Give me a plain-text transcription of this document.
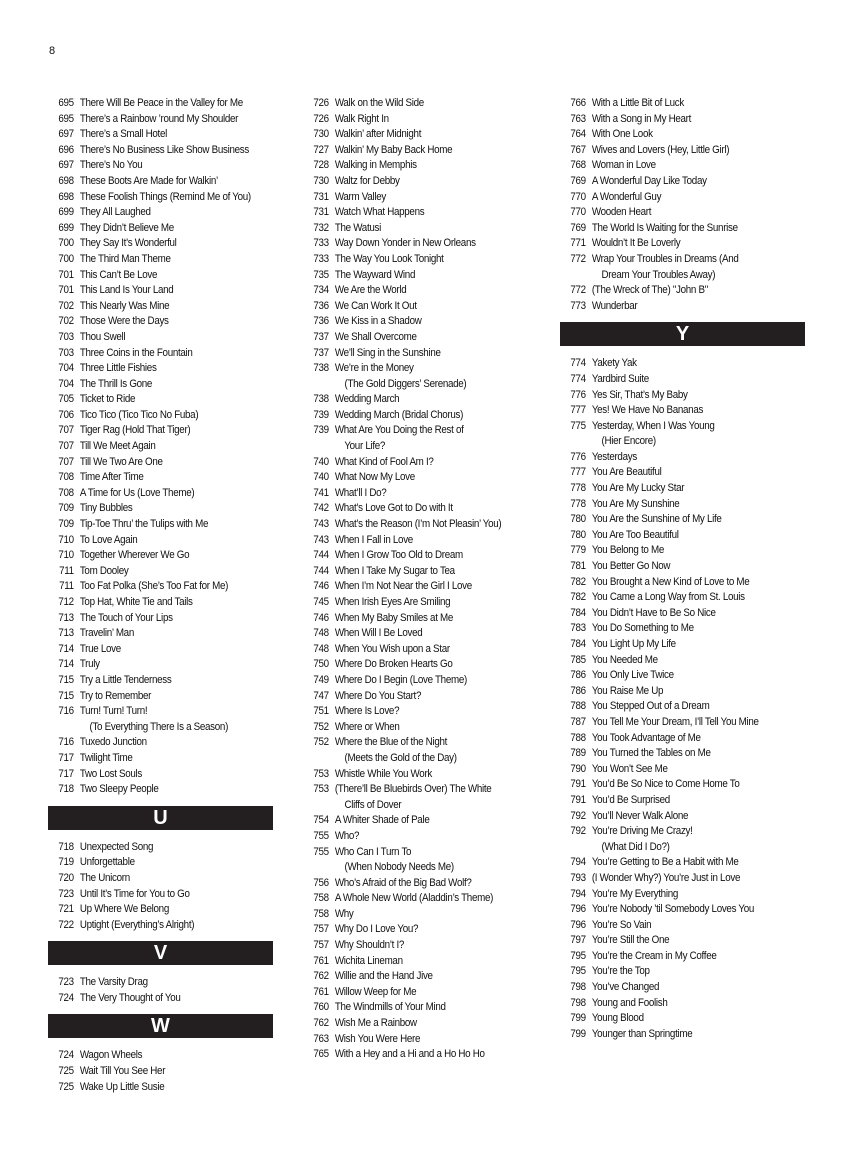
8
695 There Will Be Peace in the Valley for Me
695 There’s a Rainbow ’round My Shoulder
697 There’s a Small Hotel
696 There’s No Business Like Show Business
697 There’s No You
698 These Boots Are Made for Walkin’
698 These Foolish Things (Remind Me of You)
699 They All Laughed
699 They Didn’t Believe Me
700 They Say It’s Wonderful
700 The Third Man Theme
701 This Can’t Be Love
701 This Land Is Your Land
702 This Nearly Was Mine
702 Those Were the Days
703 Thou Swell
703 Three Coins in the Fountain
704 Three Little Fishies
704 The Thrill Is Gone
705 Ticket to Ride
706 Tico Tico (Tico Tico No Fuba)
707 Tiger Rag (Hold That Tiger)
707 Till We Meet Again
707 Till We Two Are One
708 Time After Time
708 A Time for Us (Love Theme)
709 Tiny Bubbles
709 Tip-Toe Thru’ the Tulips with Me
710 To Love Again
710 Together Wherever We Go
711 Tom Dooley
711 Too Fat Polka (She’s Too Fat for Me)
712 Top Hat, White Tie and Tails
713 The Touch of Your Lips
713 Travelin’ Man
714 True Love
714 Truly
715 Try a Little Tenderness
715 Try to Remember
716 Turn! Turn! Turn!
(To Everything There Is a Season)
716 Tuxedo Junction
717 Twilight Time
717 Two Lost Souls
718 Two Sleepy People
U
718 Unexpected Song
719 Unforgettable
720 The Unicorn
723 Until It’s Time for You to Go
721 Up Where We Belong
722 Uptight (Everything’s Alright)
V
723 The Varsity Drag
724 The Very Thought of You
W
724 Wagon Wheels
725 Wait Till You See Her
725 Wake Up Little Susie
726 Walk on the Wild Side
726 Walk Right In
730 Walkin’ after Midnight
727 Walkin’ My Baby Back Home
728 Walking in Memphis
730 Waltz for Debby
731 Warm Valley
731 Watch What Happens
732 The Watusi
733 Way Down Yonder in New Orleans
733 The Way You Look Tonight
735 The Wayward Wind
734 We Are the World
736 We Can Work It Out
736 We Kiss in a Shadow
737 We Shall Overcome
737 We’ll Sing in the Sunshine
738 We’re in the Money
(The Gold Diggers’ Serenade)
738 Wedding March
739 Wedding March (Bridal Chorus)
739 What Are You Doing the Rest of
Your Life?
740 What Kind of Fool Am I?
740 What Now My Love
741 What’ll I Do?
742 What’s Love Got to Do with It
743 What’s the Reason (I’m Not Pleasin’ You)
743 When I Fall in Love
744 When I Grow Too Old to Dream
744 When I Take My Sugar to Tea
746 When I’m Not Near the Girl I Love
745 When Irish Eyes Are Smiling
746 When My Baby Smiles at Me
748 When Will I Be Loved
748 When You Wish upon a Star
750 Where Do Broken Hearts Go
749 Where Do I Begin (Love Theme)
747 Where Do You Start?
751 Where Is Love?
752 Where or When
752 Where the Blue of the Night
(Meets the Gold of the Day)
753 Whistle While You Work
753 (There’ll Be Bluebirds Over) The White
Cliffs of Dover
754 A Whiter Shade of Pale
755 Who?
755 Who Can I Turn To
(When Nobody Needs Me)
756 Who’s Afraid of the Big Bad Wolf?
758 A Whole New World (Aladdin’s Theme)
758 Why
757 Why Do I Love You?
757 Why Shouldn’t I?
761 Wichita Lineman
762 Willie and the Hand Jive
761 Willow Weep for Me
760 The Windmills of Your Mind
762 Wish Me a Rainbow
763 Wish You Were Here
765 With a Hey and a Hi and a Ho Ho Ho
766 With a Little Bit of Luck
763 With a Song in My Heart
764 With One Look
767 Wives and Lovers (Hey, Little Girl)
768 Woman in Love
769 A Wonderful Day Like Today
770 A Wonderful Guy
770 Wooden Heart
769 The World Is Waiting for the Sunrise
771 Wouldn’t It Be Loverly
772 Wrap Your Troubles in Dreams (And
Dream Your Troubles Away)
772 (The Wreck of The) "John B"
773 Wunderbar
Y
774 Yakety Yak
774 Yardbird Suite
776 Yes Sir, That’s My Baby
777 Yes! We Have No Bananas
775 Yesterday, When I Was Young
(Hier Encore)
776 Yesterdays
777 You Are Beautiful
778 You Are My Lucky Star
778 You Are My Sunshine
780 You Are the Sunshine of My Life
780 You Are Too Beautiful
779 You Belong to Me
781 You Better Go Now
782 You Brought a New Kind of Love to Me
782 You Came a Long Way from St. Louis
784 You Didn’t Have to Be So Nice
783 You Do Something to Me
784 You Light Up My Life
785 You Needed Me
786 You Only Live Twice
786 You Raise Me Up
788 You Stepped Out of a Dream
787 You Tell Me Your Dream, I’ll Tell You Mine
788 You Took Advantage of Me
789 You Turned the Tables on Me
790 You Won’t See Me
791 You’d Be So Nice to Come Home To
791 You’d Be Surprised
792 You’ll Never Walk Alone
792 You’re Driving Me Crazy!
(What Did I Do?)
794 You’re Getting to Be a Habit with Me
793 (I Wonder Why?) You’re Just in Love
794 You’re My Everything
796 You’re Nobody ’til Somebody Loves You
796 You’re So Vain
797 You’re Still the One
795 You’re the Cream in My Coffee
795 You’re the Top
798 You’ve Changed
798 Young and Foolish
799 Young Blood
799 Younger than Springtime
